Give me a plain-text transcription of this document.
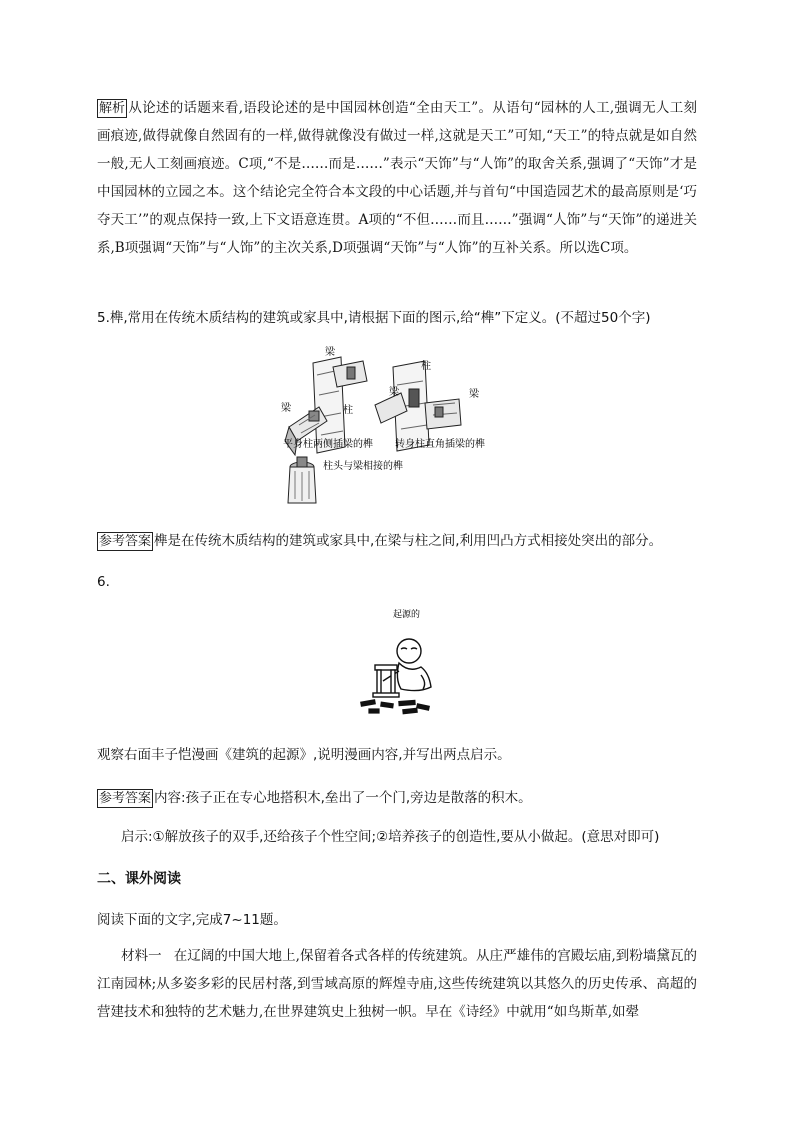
解析 从论述的话题来看,语段论述的是中国园林创造“全由天工”。从语句“园林的人工,强调无人工刻画痕迹,做得就像自然固有的一样,做得就像没有做过一样,这就是天工”可知,“天工”的特点就是如自然一般,无人工刻画痕迹。C项,“不是……而是……”表示“天饰”与“人饰”的取舍关系,强调了“天饰”才是中国园林的立园之本。这个结论完全符合本文段的中心话题,并与首句“中国造园艺术的最高原则是‘巧夺天工’”的观点保持一致,上下文语意连贯。A项的“不但……而且……”强调“人饰”与“天饰”的递进关系,B项强调“天饰”与“人饰”的主次关系,D项强调“天饰”与“人饰”的互补关系。所以选C项。
5.榫,常用在传统木质结构的建筑或家具中,请根据下面的图示,给“榫”下定义。(不超过50个字)
梁
梁	柱
柱
梁	梁
平身柱两侧插梁的榫 转身柱直角插梁的榫
柱头与梁相接的榫
参考答案 榫是在传统木质结构的建筑或家具中,在梁与柱之间,利用凹凸方式相接处突出的部分。
6.
起源的
观察右面丰子恺漫画《建筑的起源》,说明漫画内容,并写出两点启示。
参考答案 内容:孩子正在专心地搭积木,垒出了一个门,旁边是散落的积木。
启示:①解放孩子的双手,还给孩子个性空间;②培养孩子的创造性,要从小做起。(意思对即可)
二、课外阅读
阅读下面的文字,完成7~11题。
材料一 在辽阔的中国大地上,保留着各式各样的传统建筑。从庄严雄伟的宫殿坛庙,到粉墙黛瓦的江南园林;从多姿多彩的民居村落,到雪域高原的辉煌寺庙,这些传统建筑以其悠久的历史传承、高超的营建技术和独特的艺术魅力,在世界建筑史上独树一帜。早在《诗经》中就用“如鸟斯革,如翚
